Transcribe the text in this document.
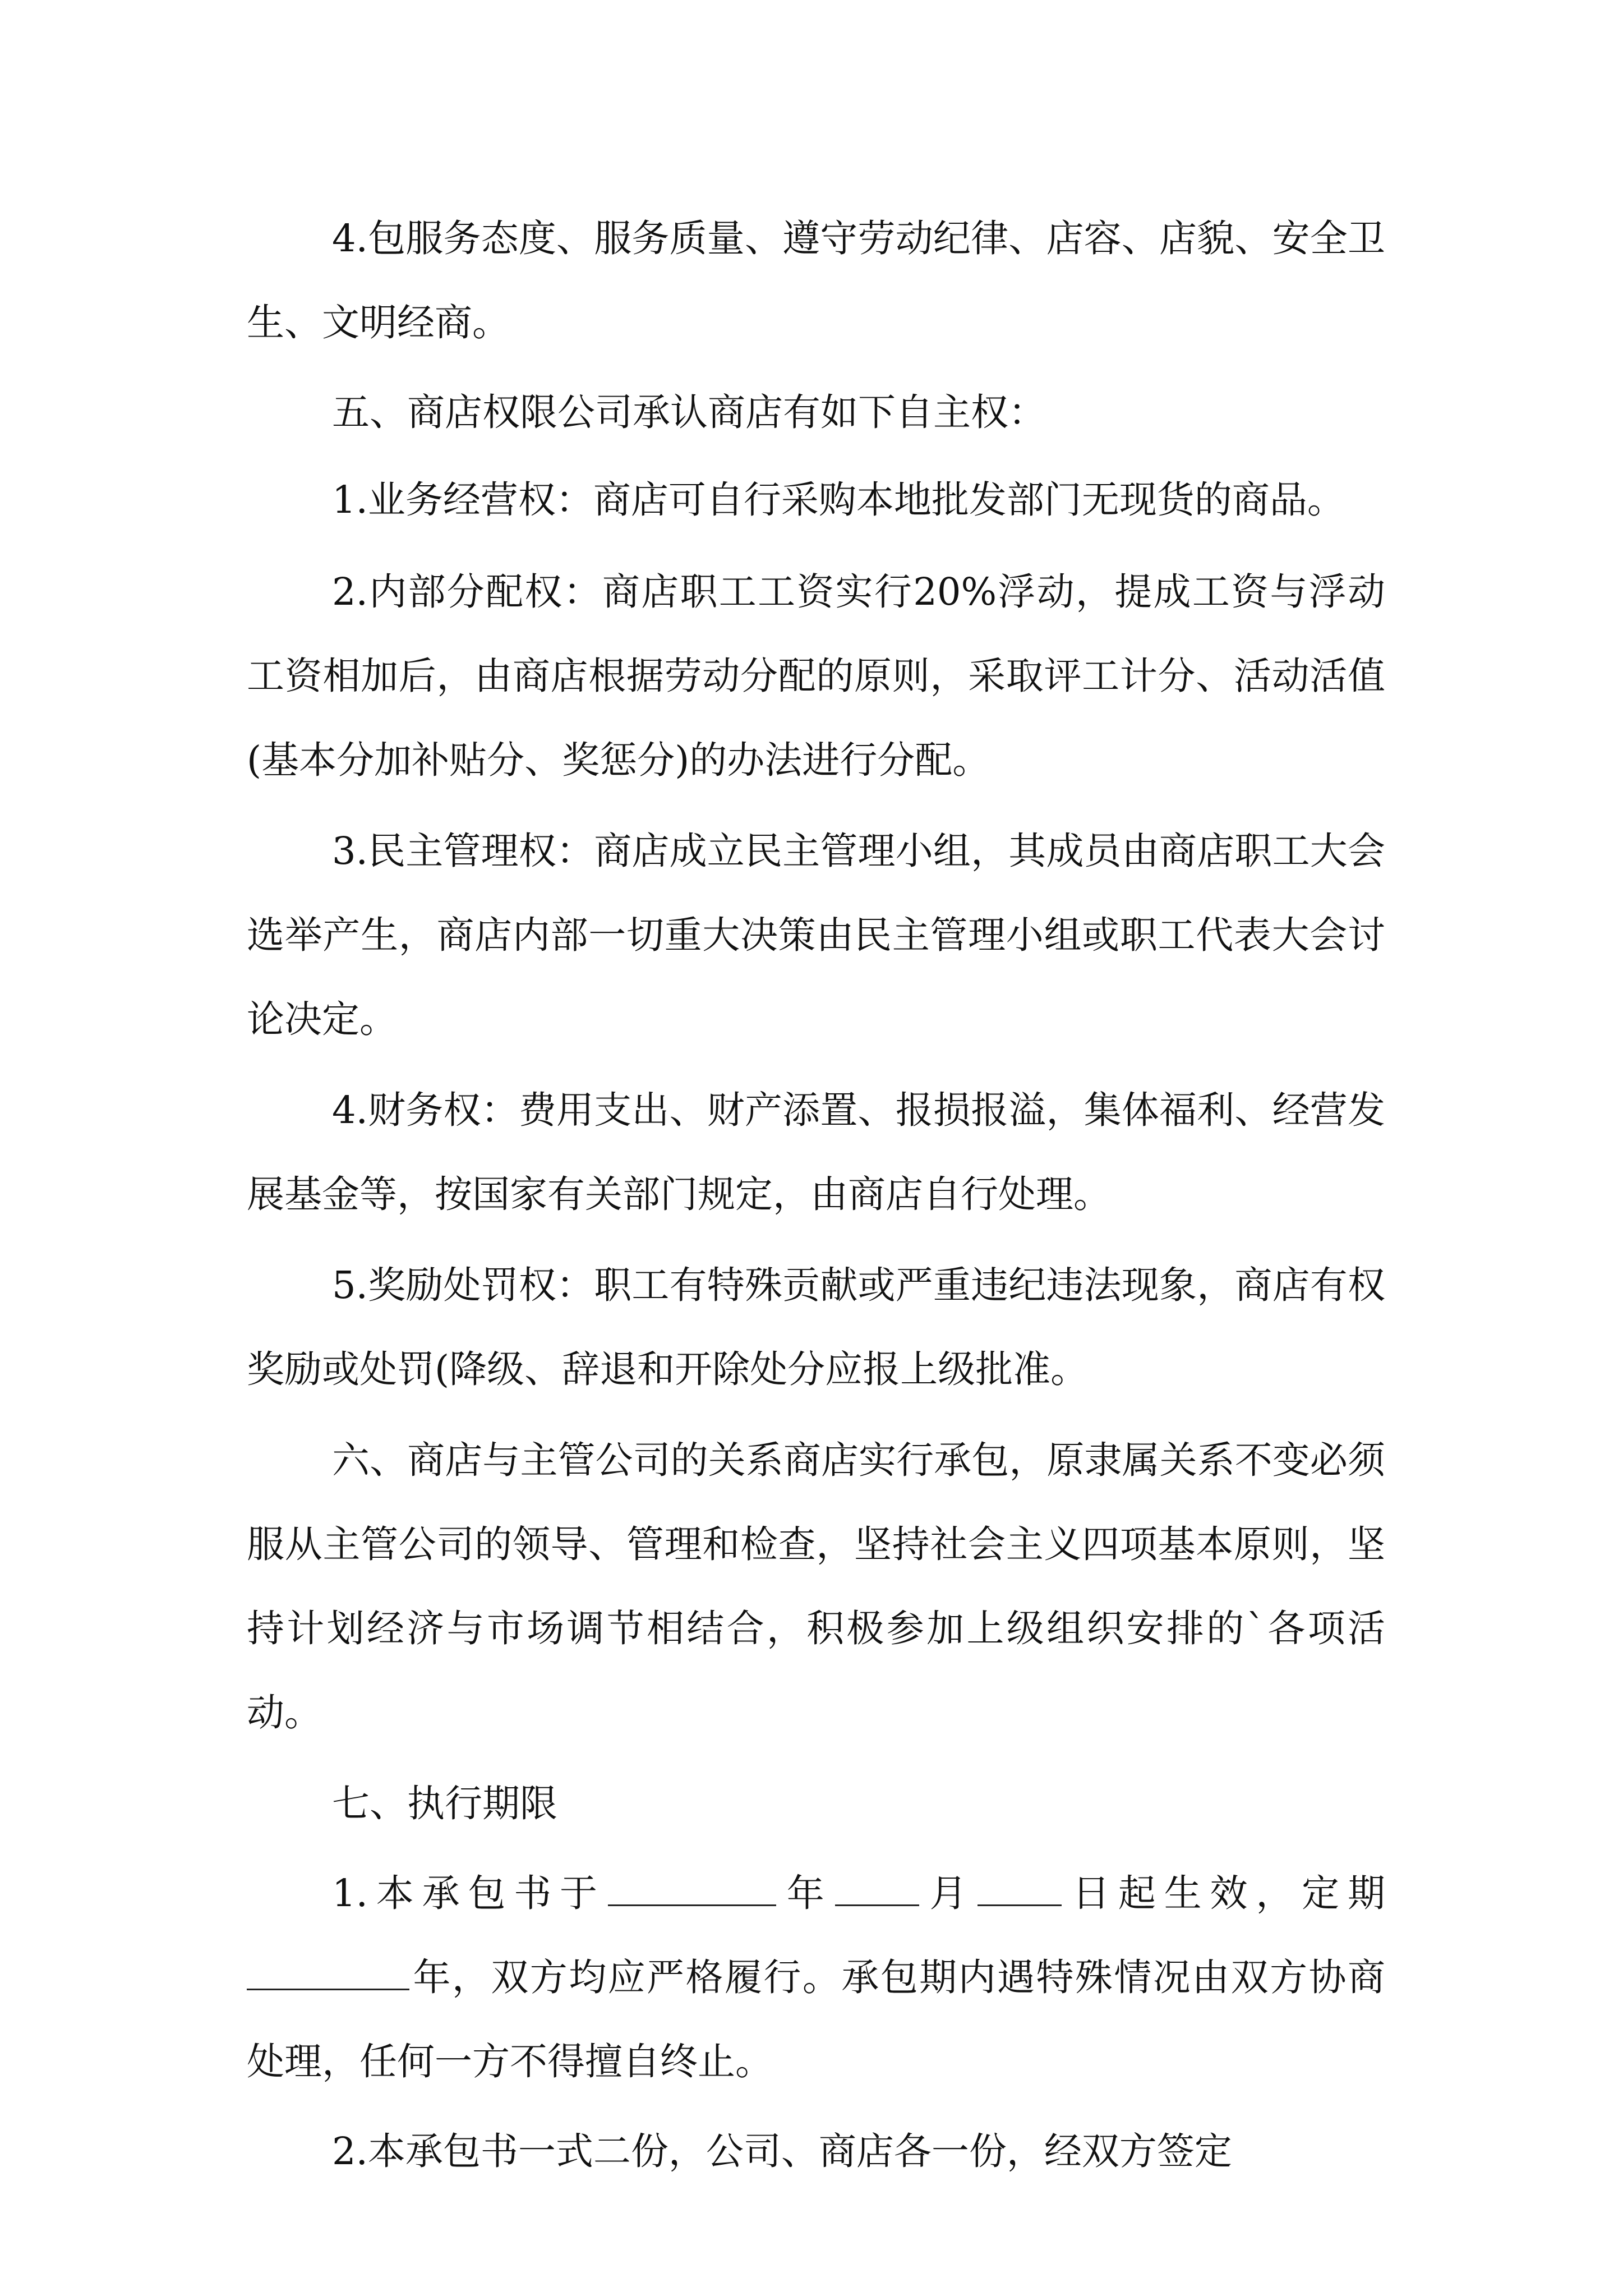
4.包服务态度、服务质量、遵守劳动纪律、店容、店貌、安全卫生、文明经商。

五、商店权限公司承认商店有如下自主权：

1.业务经营权：商店可自行采购本地批发部门无现货的商品。

2.内部分配权：商店职工工资实行20%浮动，提成工资与浮动工资相加后，由商店根据劳动分配的原则，采取评工计分、活动活值(基本分加补贴分、奖惩分)的办法进行分配。

3.民主管理权：商店成立民主管理小组，其成员由商店职工大会选举产生，商店内部一切重大决策由民主管理小组或职工代表大会讨论决定。

4.财务权：费用支出、财产添置、报损报溢，集体福利、经营发展基金等，按国家有关部门规定，由商店自行处理。

5.奖励处罚权：职工有特殊贡献或严重违纪违法现象，商店有权奖励或处罚(降级、辞退和开除处分应报上级批准。

六、商店与主管公司的关系商店实行承包，原隶属关系不变必须服从主管公司的领导、管理和检查，坚持社会主义四项基本原则，坚持计划经济与市场调节相结合，积极参加上级组织安排的`各项活动。

七、执行期限

1.本承包书于	年 月 日起生效，定期年，双方均应严格履行。承包期内遇特殊情况由双方协商处理，任何一方不得擅自终止。

2.本承包书一式二份，公司、商店各一份，经双方签定
